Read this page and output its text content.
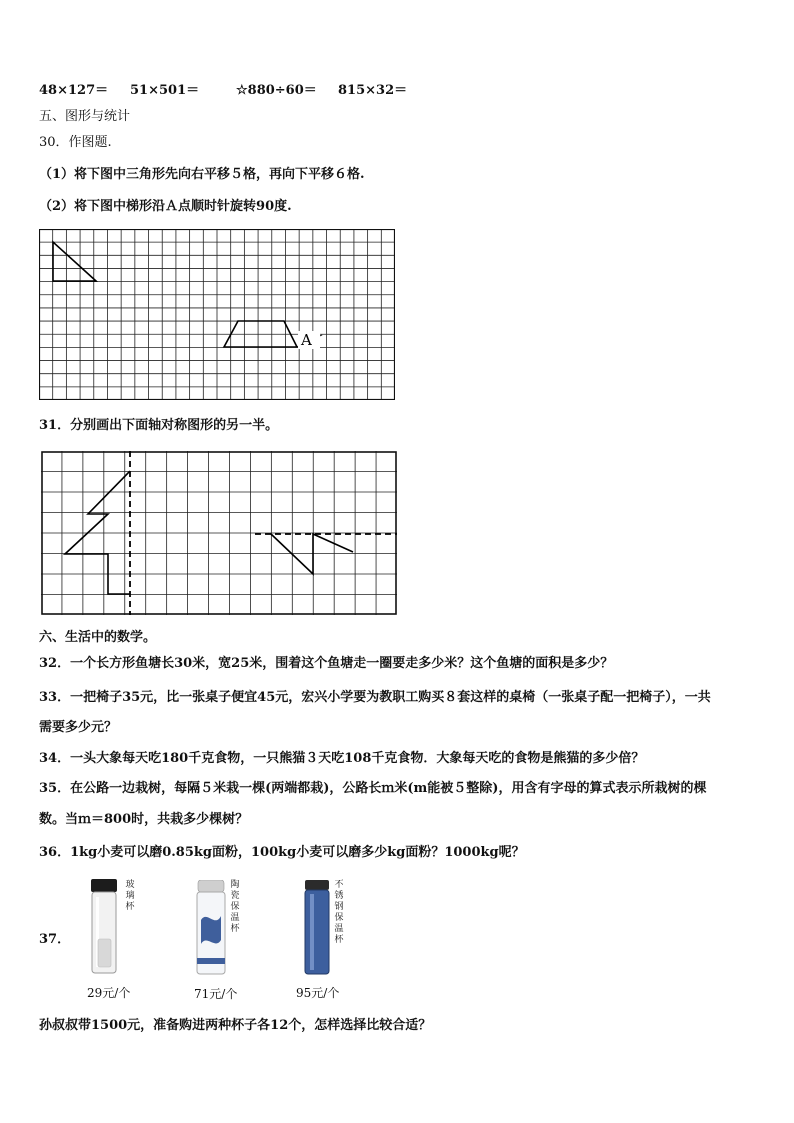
48×127＝ 51×501＝	☆880÷60＝ 815×32＝
五、图形与统计
30．作图题.
（1）将下图中三角形先向右平移５格，再向下平移６格.
（2）将下图中梯形沿Ａ点顺时针旋转90度.
A
31．分别画出下面轴对称图形的另一半。
六、生活中的数学。
32．一个长方形鱼塘长30米，宽25米，围着这个鱼塘走一圈要走多少米？这个鱼塘的面积是多少？
33．一把椅子35元，比一张桌子便宜45元，宏兴小学要为教职工购买８套这样的桌椅（一张桌子配一把椅子），一共
需要多少元？
34．一头大象每天吃180千克食物，一只熊猫３天吃108千克食物．大象每天吃的食物是熊猫的多少倍？
35．在公路一边栽树，每隔５米栽一棵(两端都栽)，公路长ｍ米(m能被５整除)，用含有字母的算式表示所栽树的棵
数。当ｍ＝800时，共栽多少棵树？
36．1kg小麦可以磨0.85kg面粉，100kg小麦可以磨多少kg面粉？1000kg呢？
37．
玻
璃
杯
29元/个
陶
瓷
保
温
杯
71元/个
不
锈
钢
保
温
杯
95元/个
孙叔叔带1500元，准备购进两种杯子各12个，怎样选择比较合适？
